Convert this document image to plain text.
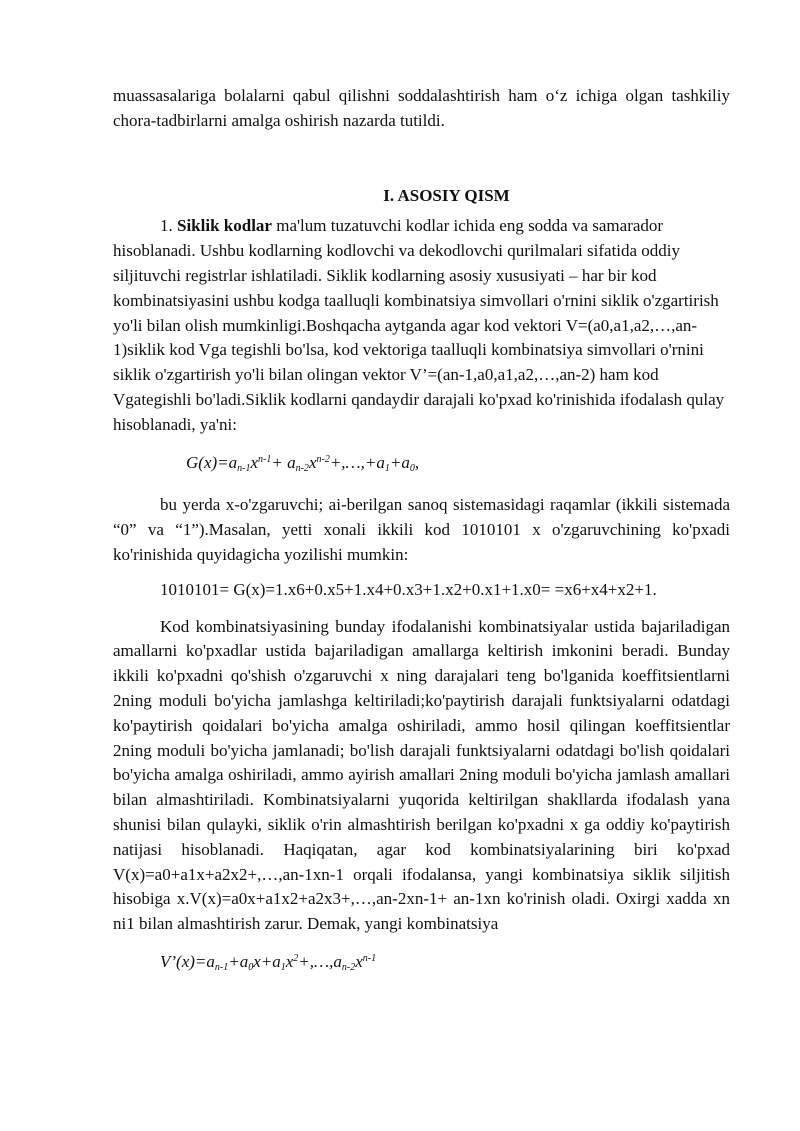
muassasalariga bolalarni qabul qilishni soddalashtirish ham o‘z ichiga olgan tashkiliy chora-tadbirlarni amalga oshirish nazarda tutildi.

I. ASOSIY QISM

1. Siklik kodlar ma'lum tuzatuvchi kodlar ichida eng sodda va samarador hisoblanadi. Ushbu kodlarning kodlovchi va dekodlovchi qurilmalari sifatida oddiy siljituvchi registrlar ishlatiladi. Siklik kodlarning asosiy xususiyati – har bir kod kombinatsiyasini ushbu kodga taalluqli kombinatsiya simvollari o'rnini siklik o'zgartirish yo'li bilan olish mumkinligi.Boshqacha aytganda agar kod vektori V=(a0,a1,a2,…,an-1)siklik kod Vga tegishli bo'lsa, kod vektoriga taalluqli kombinatsiya simvollari o'rnini siklik o'zgartirish yo'li bilan olingan vektor V’=(an-1,a0,a1,a2,…,an-2) ham kod Vgategishli bo'ladi.Siklik kodlarni qandaydir darajali ko'pxad ko'rinishida ifodalash qulay hisoblanadi, ya'ni:

$G(x)=a_{n-1}x^{n-1}+$ $a_{n-2}x^{n-2}+,\dots,+a_1+a_0$,

bu yerda x-o'zgaruvchi; ai-berilgan sanoq sistemasidagi raqamlar (ikkili sistemada “0” va “1”).Masalan, yetti xonali ikkili kod 1010101 x o'zgaruvchining ko'pxadi ko'rinishida quyidagicha yozilishi mumkin:

1010101= G(x)=1.x6+0.x5+1.x4+0.x3+1.x2+0.x1+1.x0= =x6+x4+x2+1.

Kod kombinatsiyasining bunday ifodalanishi kombinatsiyalar ustida bajariladigan amallarni ko'pxadlar ustida bajariladigan amallarga keltirish imkonini beradi. Bunday ikkili ko'pxadni qo'shish o'zgaruvchi x ning darajalari teng bo'lganida koeffitsientlarni 2ning moduli bo'yicha jamlashga keltiriladi;ko'paytirish darajali funktsiyalarni odatdagi ko'paytirish qoidalari bo'yicha amalga oshiriladi, ammo hosil qilingan koeffitsientlar 2ning moduli bo'yicha jamlanadi; bo'lish darajali funktsiyalarni odatdagi bo'lish qoidalari bo'yicha amalga oshiriladi, ammo ayirish amallari 2ning moduli bo'yicha jamlash amallari bilan almashtiriladi. Kombinatsiyalarni yuqorida keltirilgan shakllarda ifodalash yana shunisi bilan qulayki, siklik o'rin almashtirish berilgan ko'pxadni x ga oddiy ko'paytirish natijasi hisoblanadi. Haqiqatan, agar kod kombinatsiyalarining biri ko'pxad V(x)=a0+a1x+a2x2+,…,an-1xn-1 orqali ifodalansa, yangi kombinatsiya siklik siljitish hisobiga x.V(x)=a0x+a1x2+a2x3+,…,an-2xn-1+ an-1xn ko'rinish oladi. Oxirgi xadda xn ni1 bilan almashtirish zarur. Demak, yangi kombinatsiya

$V’(x)=a_{n-1}+a_0x+a_1x^2+,\dots,a_{n-2}x^{n-1}$
